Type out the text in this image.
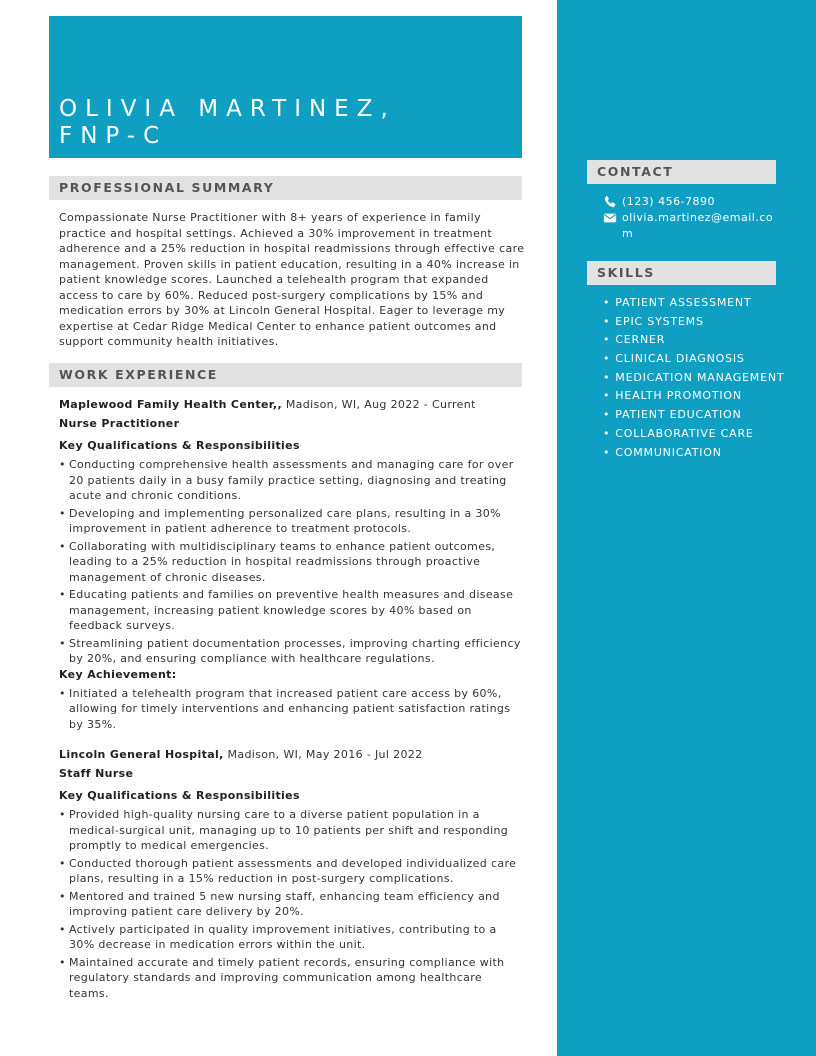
OLIVIA MARTINEZ,
FNP-C
PROFESSIONAL SUMMARY

Compassionate Nurse Practitioner with 8+ years of experience in family practice and hospital settings. Achieved a 30% improvement in treatment adherence and a 25% reduction in hospital readmissions through effective care management. Proven skills in patient education, resulting in a 40% increase in patient knowledge scores. Launched a telehealth program that expanded access to care by 60%. Reduced post-surgery complications by 15% and medication errors by 30% at Lincoln General Hospital. Eager to leverage my expertise at Cedar Ridge Medical Center to enhance patient outcomes and support community health initiatives.

WORK EXPERIENCE

Maplewood Family Health Center,, Madison, WI, Aug 2022 - Current

Nurse Practitioner

Key Qualifications & Responsibilities

• Conducting comprehensive health assessments and managing care for over 20 patients daily in a busy family practice setting, diagnosing and treating acute and chronic conditions.
• Developing and implementing personalized care plans, resulting in a 30% improvement in patient adherence to treatment protocols.
• Collaborating with multidisciplinary teams to enhance patient outcomes, leading to a 25% reduction in hospital readmissions through proactive management of chronic diseases.
• Educating patients and families on preventive health measures and disease management, increasing patient knowledge scores by 40% based on feedback surveys.
• Streamlining patient documentation processes, improving charting efficiency by 20%, and ensuring compliance with healthcare regulations.

Key Achievement:

• Initiated a telehealth program that increased patient care access by 60%, allowing for timely interventions and enhancing patient satisfaction ratings by 35%.

Lincoln General Hospital, Madison, WI, May 2016 - Jul 2022

Staff Nurse

Key Qualifications & Responsibilities

• Provided high-quality nursing care to a diverse patient population in a medical-surgical unit, managing up to 10 patients per shift and responding promptly to medical emergencies.
• Conducted thorough patient assessments and developed individualized care plans, resulting in a 15% reduction in post-surgery complications.
• Mentored and trained 5 new nursing staff, enhancing team efficiency and improving patient care delivery by 20%.
• Actively participated in quality improvement initiatives, contributing to a 30% decrease in medication errors within the unit.
• Maintained accurate and timely patient records, ensuring compliance with regulatory standards and improving communication among healthcare teams.
CONTACT
(123) 456-7890
olivia.martinez@email.com
SKILLS
• PATIENT ASSESSMENT
• EPIC SYSTEMS
• CERNER
• CLINICAL DIAGNOSIS
• MEDICATION MANAGEMENT
• HEALTH PROMOTION
• PATIENT EDUCATION
• COLLABORATIVE CARE
• COMMUNICATION
